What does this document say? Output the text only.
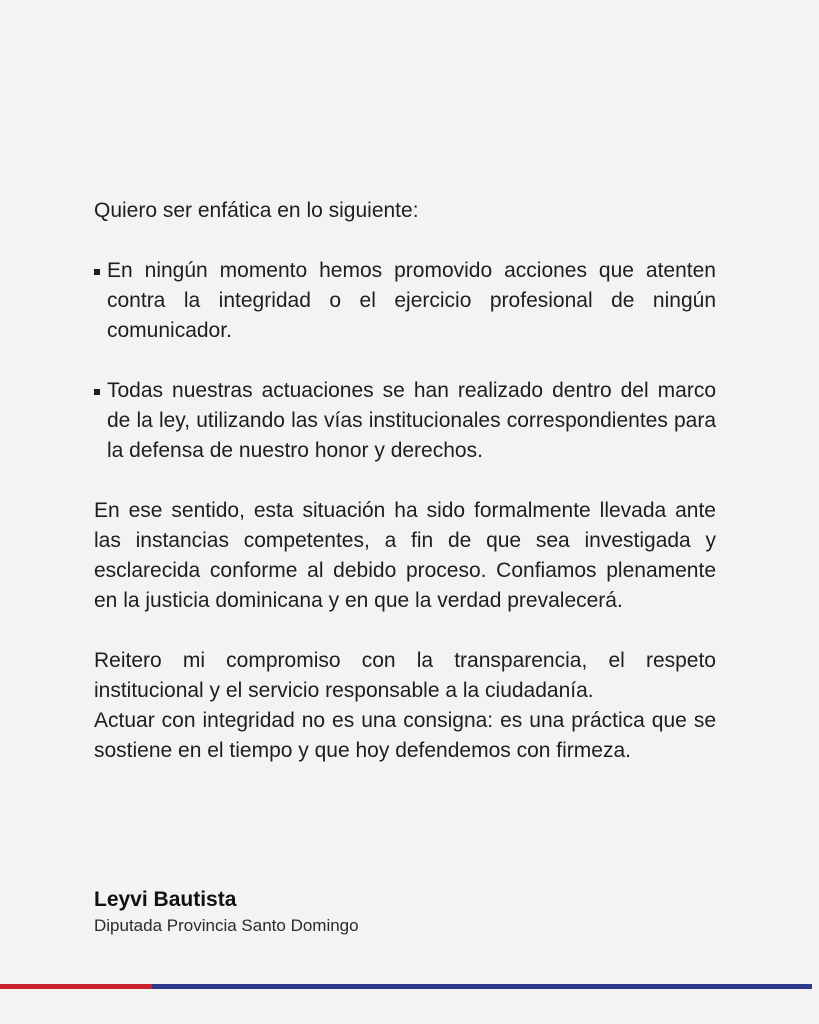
Quiero ser enfática en lo siguiente:

En ningún momento hemos promovido acciones que atenten contra la integridad o el ejercicio profesional de ningún comunicador.
Todas nuestras actuaciones se han realizado dentro del marco de la ley, utilizando las vías institucionales correspondientes para la defensa de nuestro honor y derechos.

En ese sentido, esta situación ha sido formalmente llevada ante las instancias competentes, a fin de que sea investigada y esclarecida conforme al debido proceso. Confiamos plenamente en la justicia dominicana y en que la verdad prevalecerá.

Reitero mi compromiso con la transparencia, el respeto institucional y el servicio responsable a la ciudadanía.
Actuar con integridad no es una consigna: es una práctica que se sostiene en el tiempo y que hoy defendemos con firmeza.

Leyvi Bautista
Diputada Provincia Santo Domingo
